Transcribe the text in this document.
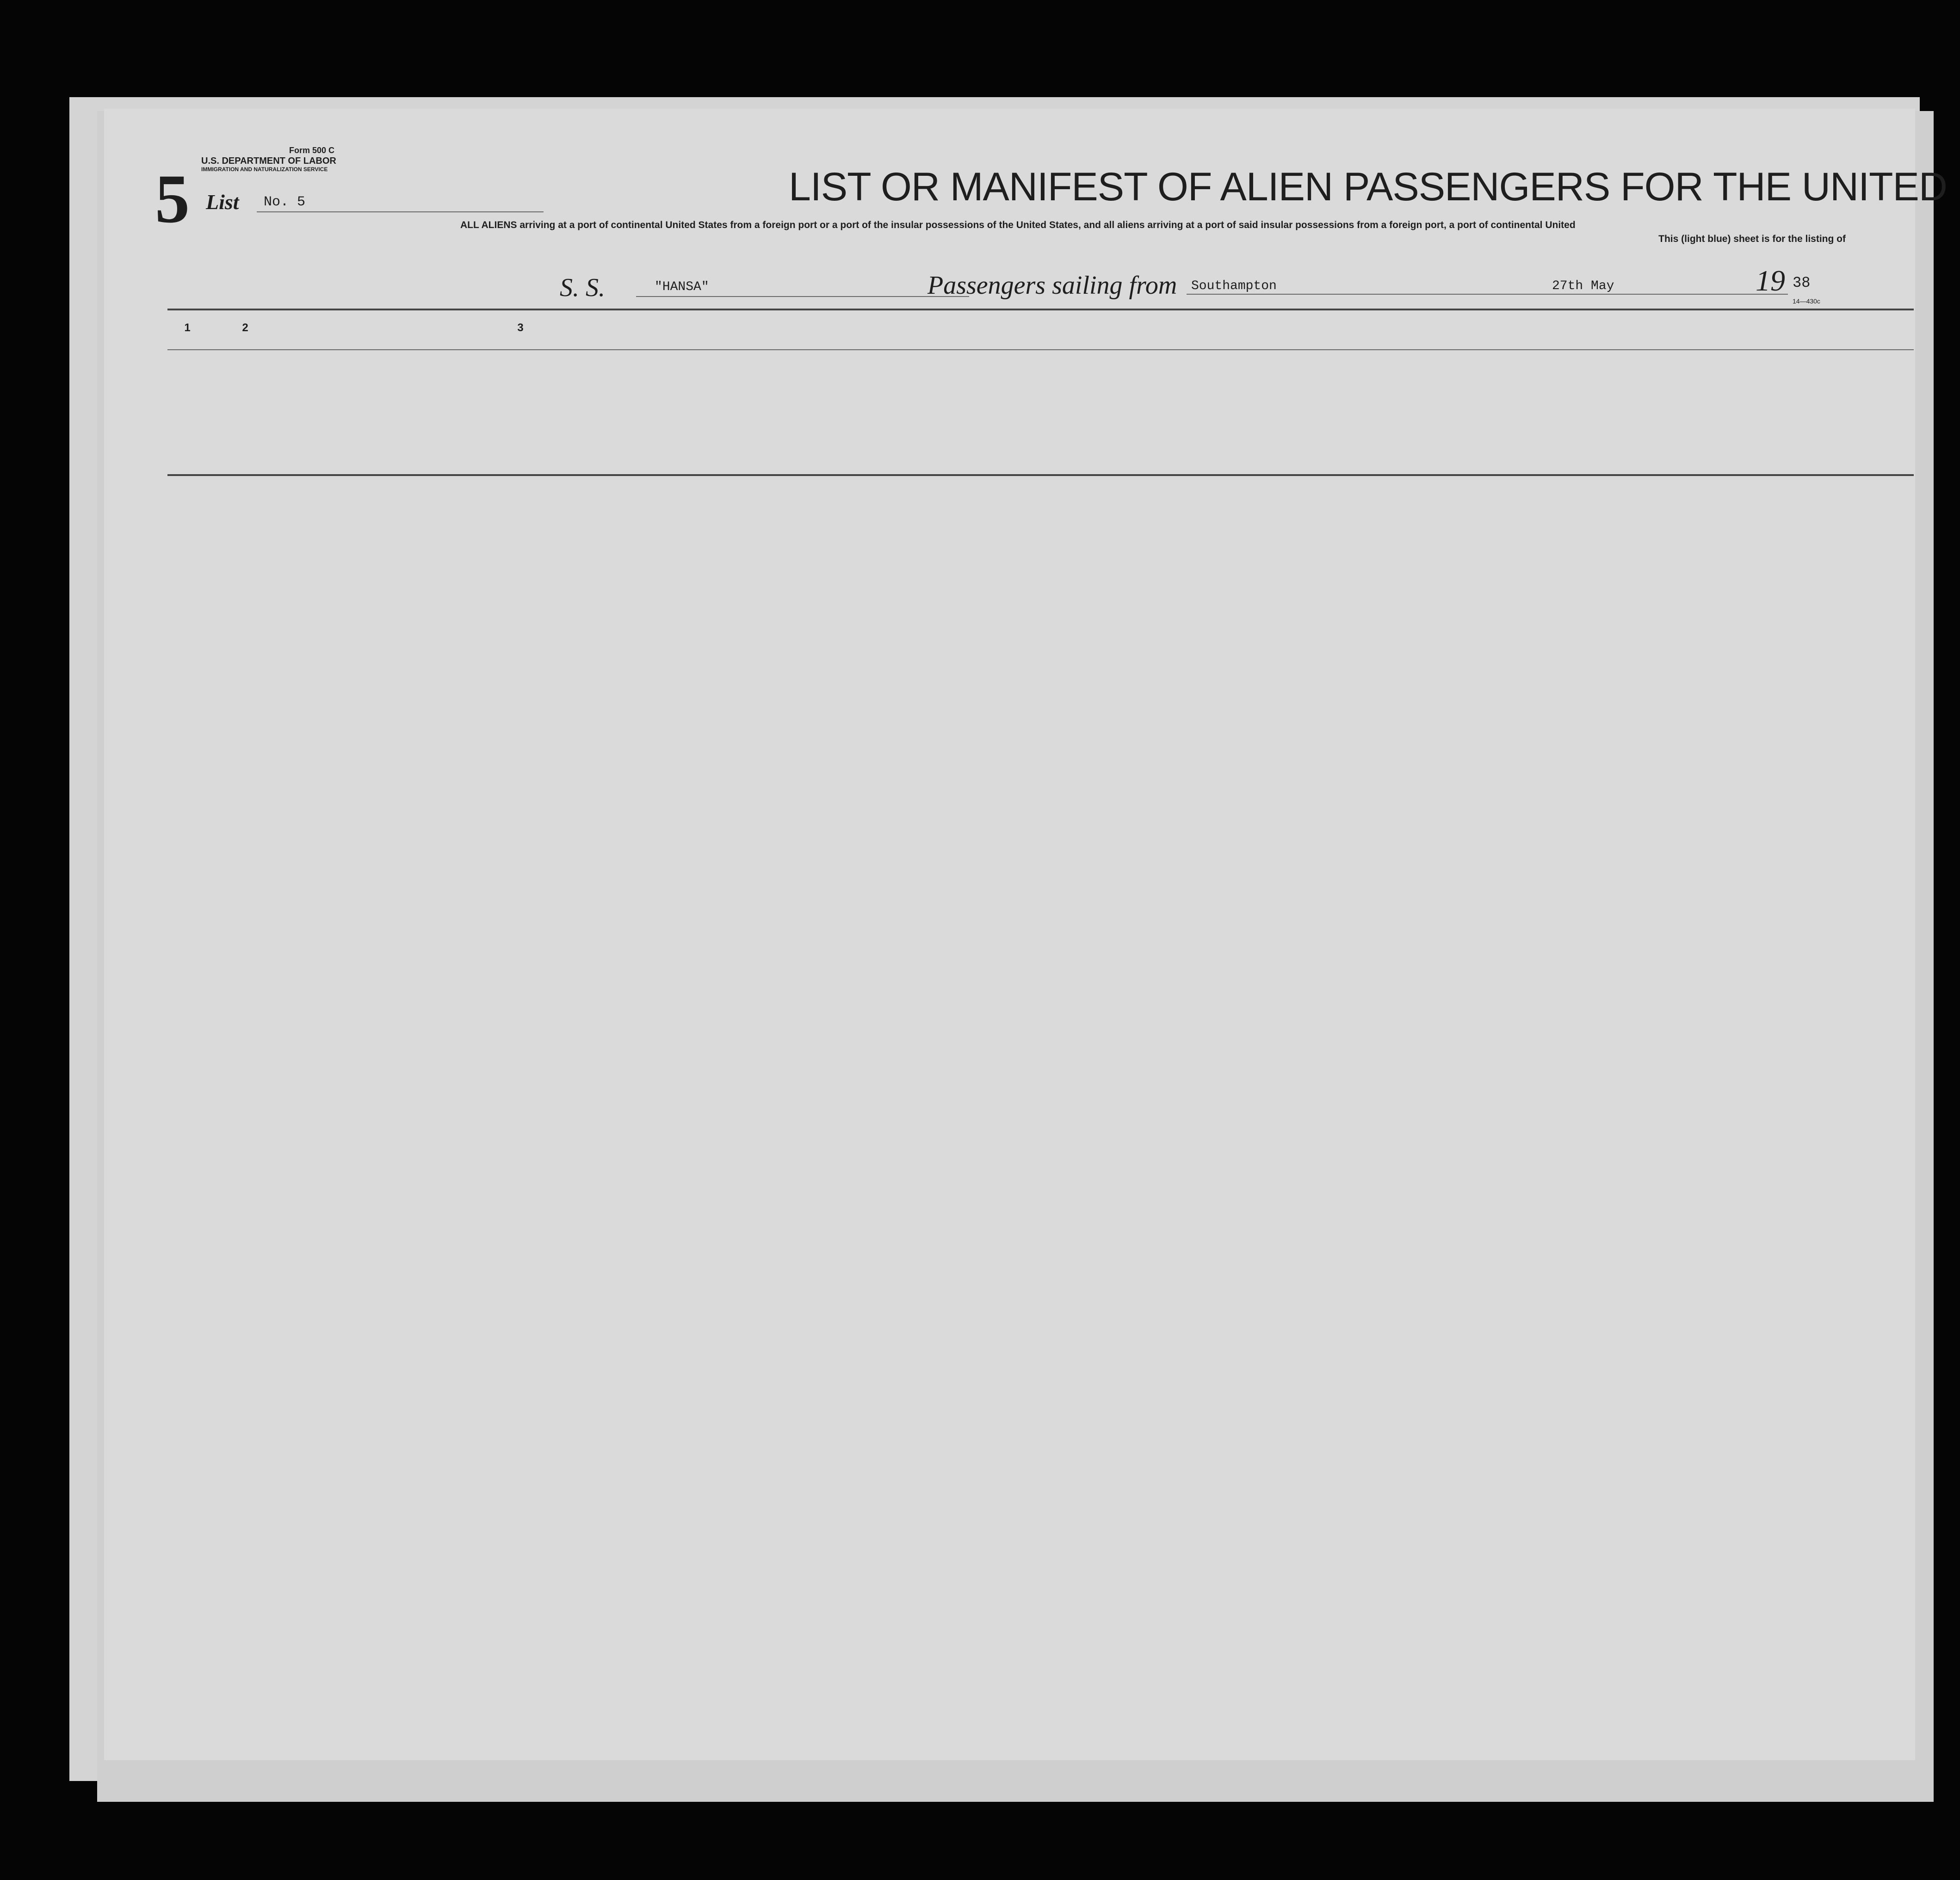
Form 500 C
U.S. DEPARTMENT OF LABOR
IMMIGRATION AND NATURALIZATION SERVICE
5 List No. 5	LIST OR MANIFEST OF ALIEN PASSENGERS FOR THE UNITED
ALL ALIENS arriving at a port of continental United States from a foreign port or a port of the insular possessions of the United States, and all aliens arriving at a port of said insular possessions from a foreign port, a port of continental United
This (light blue) sheet is for the listing of
S. S.	"HANSA"	Passengers sailing from Southampton	27th May	19 38
14—430c
1	2	3
